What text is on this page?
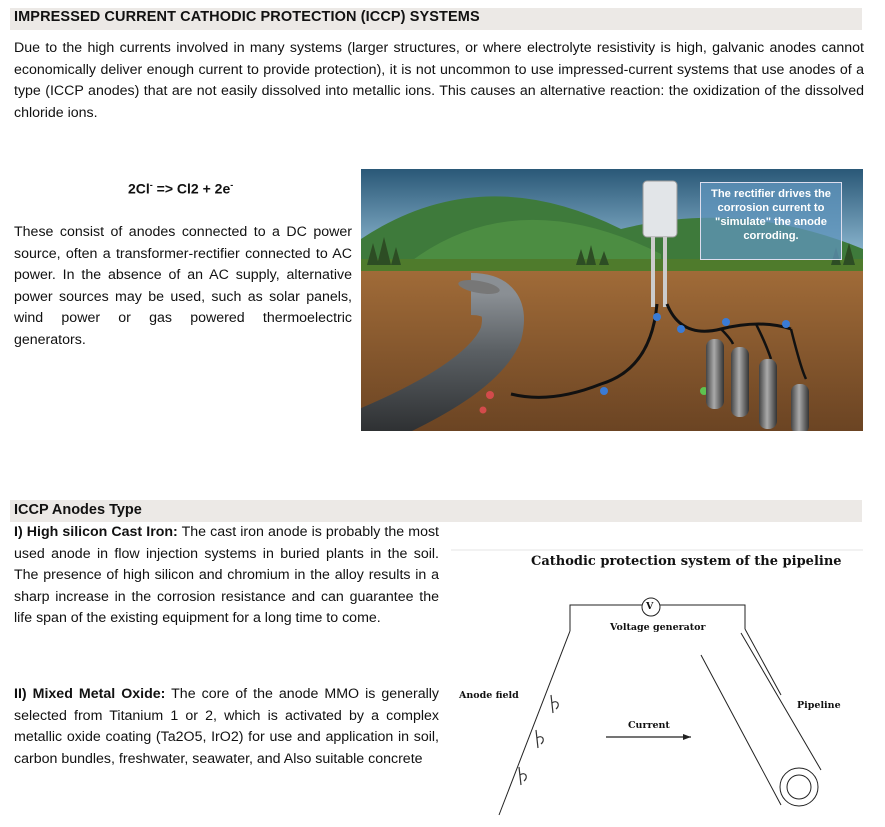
IMPRESSED CURRENT CATHODIC PROTECTION (ICCP) SYSTEMS

Due to the high currents involved in many systems (larger structures, or where electrolyte resistivity is high, galvanic anodes cannot economically deliver enough current to provide protection), it is not uncommon to use impressed-current systems that use anodes of a type (ICCP anodes) that are not easily dissolved into metallic ions. This causes an alternative reaction: the oxidization of the dissolved chloride ions.

2Cl- => Cl2 + 2e-

These consist of anodes connected to a DC power source, often a transformer-rectifier connected to AC power. In the absence of an AC supply, alternative power sources may be used, such as solar panels, wind power or gas powered thermoelectric generators.

The rectifier drives the corrosion current to "simulate" the anode corroding.
ICCP Anodes Type

I) High silicon Cast Iron: The cast iron anode is probably the most used anode in flow injection systems in buried plants in the soil. The presence of high silicon and chromium in the alloy results in a sharp increase in the corrosion resistance and can guarantee the life span of the existing equipment for a long time to come.

II) Mixed Metal Oxide: The core of the anode MMO is generally selected from Titanium 1 or 2, which is activated by a complex metallic oxide coating (Ta2O5, IrO2) for use and application in soil, carbon bundles, freshwater, seawater, and Also suitable concrete

Cathodic protection system of the pipeline
V
Voltage generator
Anode field
Current
Pipeline
